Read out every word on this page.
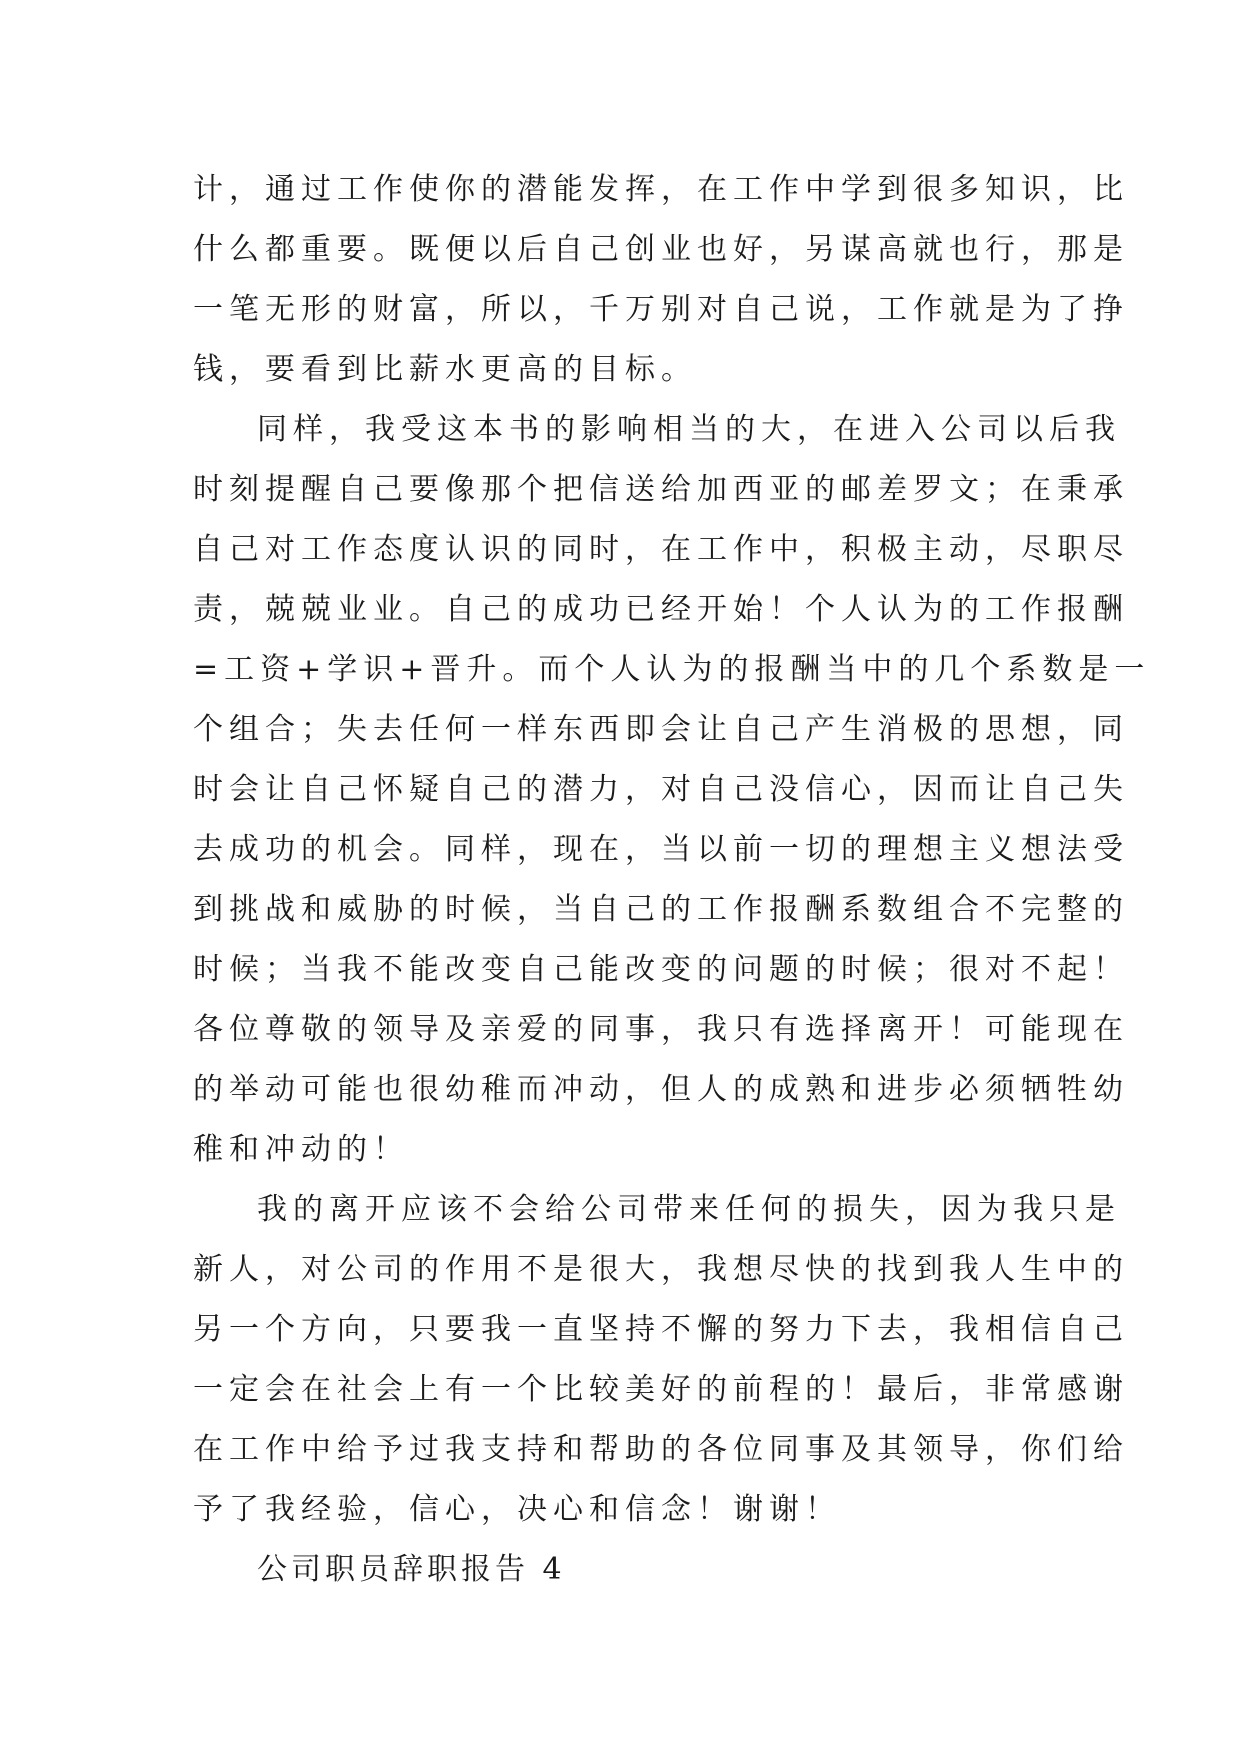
计，通过工作使你的潜能发挥，在工作中学到很多知识，比
什么都重要。既便以后自己创业也好，另谋高就也行，那是
一笔无形的财富，所以，千万别对自己说，工作就是为了挣
钱，要看到比薪水更高的目标。
同样，我受这本书的影响相当的大，在进入公司以后我
时刻提醒自己要像那个把信送给加西亚的邮差罗文；在秉承
自己对工作态度认识的同时，在工作中，积极主动，尽职尽
责，兢兢业业。自己的成功已经开始！个人认为的工作报酬
=工资+学识+晋升。而个人认为的报酬当中的几个系数是一
个组合；失去任何一样东西即会让自己产生消极的思想，同
时会让自己怀疑自己的潜力，对自己没信心，因而让自己失
去成功的机会。同样，现在，当以前一切的理想主义想法受
到挑战和威胁的时候，当自己的工作报酬系数组合不完整的
时候；当我不能改变自己能改变的问题的时候；很对不起！
各位尊敬的领导及亲爱的同事，我只有选择离开！可能现在
的举动可能也很幼稚而冲动，但人的成熟和进步必须牺牲幼
稚和冲动的！
我的离开应该不会给公司带来任何的损失，因为我只是
新人，对公司的作用不是很大，我想尽快的找到我人生中的
另一个方向，只要我一直坚持不懈的努力下去，我相信自己
一定会在社会上有一个比较美好的前程的！最后，非常感谢
在工作中给予过我支持和帮助的各位同事及其领导，你们给
予了我经验，信心，决心和信念！谢谢！
公司职员辞职报告 4
